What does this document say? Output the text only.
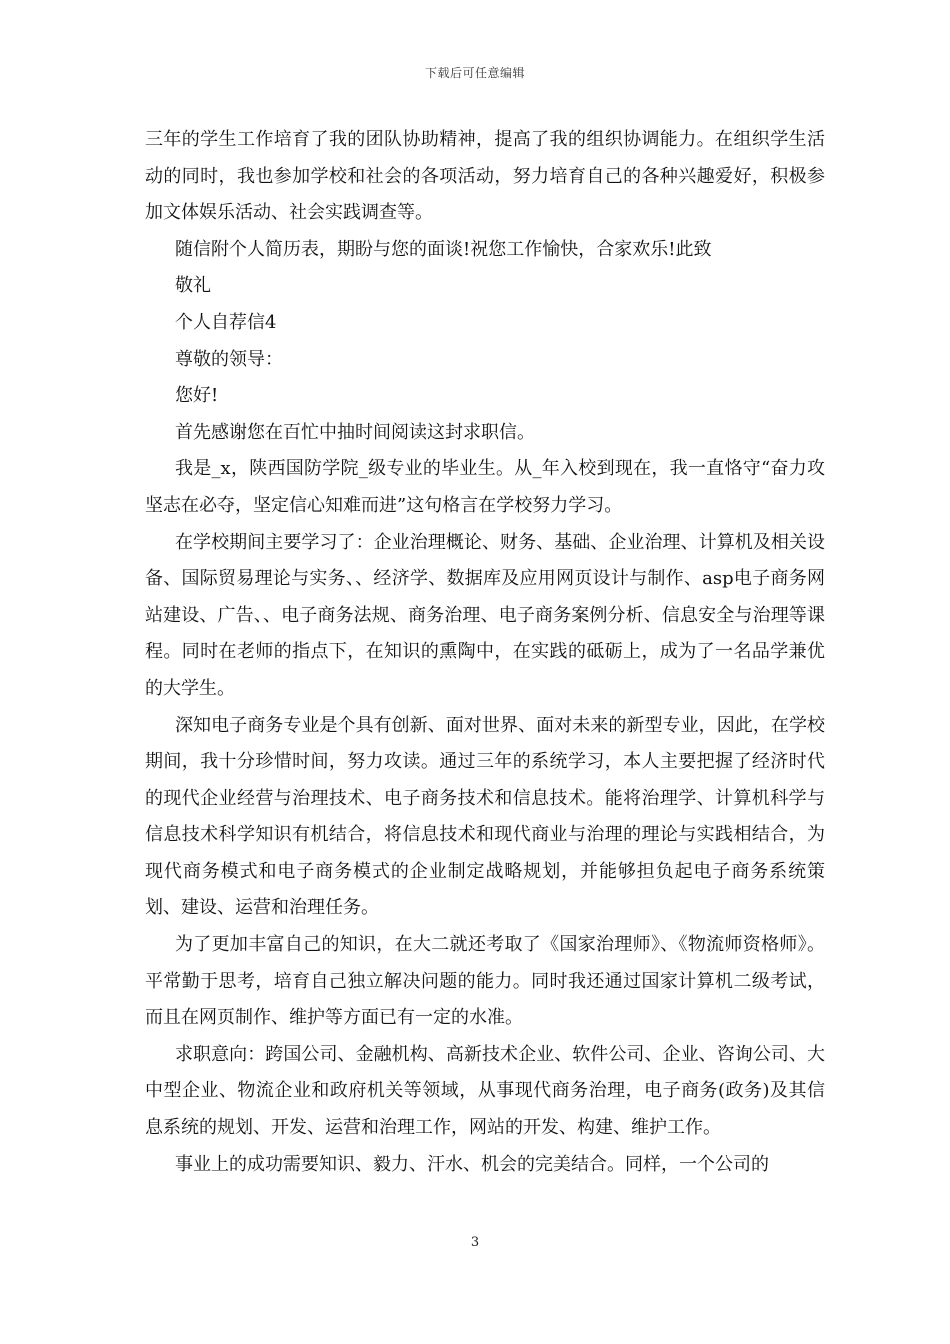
下载后可任意编辑

三年的学生工作培育了我的团队协助精神，提高了我的组织协调能力。在组织学生活动的同时，我也参加学校和社会的各项活动，努力培育自己的各种兴趣爱好，积极参加文体娱乐活动、社会实践调查等。

随信附个人简历表，期盼与您的面谈!祝您工作愉快，合家欢乐!此致

敬礼

个人自荐信4

尊敬的领导：

您好!

首先感谢您在百忙中抽时间阅读这封求职信。

我是_x，陕西国防学院_级专业的毕业生。从_年入校到现在，我一直恪守“奋力攻坚志在必夺，坚定信心知难而进”这句格言在学校努力学习。

在学校期间主要学习了：企业治理概论、财务、基础、企业治理、计算机及相关设备、国际贸易理论与实务、、经济学、数据库及应用网页设计与制作、asp电子商务网站建设、广告、、电子商务法规、商务治理、电子商务案例分析、信息安全与治理等课程。同时在老师的指点下，在知识的熏陶中，在实践的砥砺上，成为了一名品学兼优的大学生。

深知电子商务专业是个具有创新、面对世界、面对未来的新型专业，因此，在学校期间，我十分珍惜时间，努力攻读。通过三年的系统学习，本人主要把握了经济时代的现代企业经营与治理技术、电子商务技术和信息技术。能将治理学、计算机科学与信息技术科学知识有机结合，将信息技术和现代商业与治理的理论与实践相结合，为现代商务模式和电子商务模式的企业制定战略规划，并能够担负起电子商务系统策划、建设、运营和治理任务。

为了更加丰富自己的知识，在大二就还考取了《国家治理师》、《物流师资格师》。平常勤于思考，培育自己独立解决问题的能力。同时我还通过国家计算机二级考试，而且在网页制作、维护等方面已有一定的水准。

求职意向：跨国公司、金融机构、高新技术企业、软件公司、企业、咨询公司、大中型企业、物流企业和政府机关等领域，从事现代商务治理，电子商务(政务)及其信息系统的规划、开发、运营和治理工作，网站的开发、构建、维护工作。

事业上的成功需要知识、毅力、汗水、机会的完美结合。同样，一个公司的

3
